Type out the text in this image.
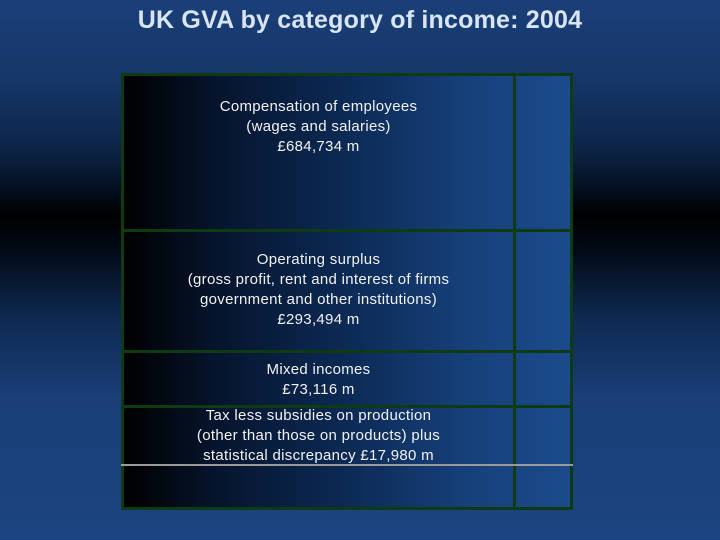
UK GVA by category of income: 2004
Compensation of employees
(wages and salaries)
£684,734 m
Operating surplus
(gross profit, rent and interest of firms
government and other institutions)
£293,494 m
Mixed incomes
£73,116 m
Tax less subsidies on production
(other than those on products) plus
statistical discrepancy £17,980 m
